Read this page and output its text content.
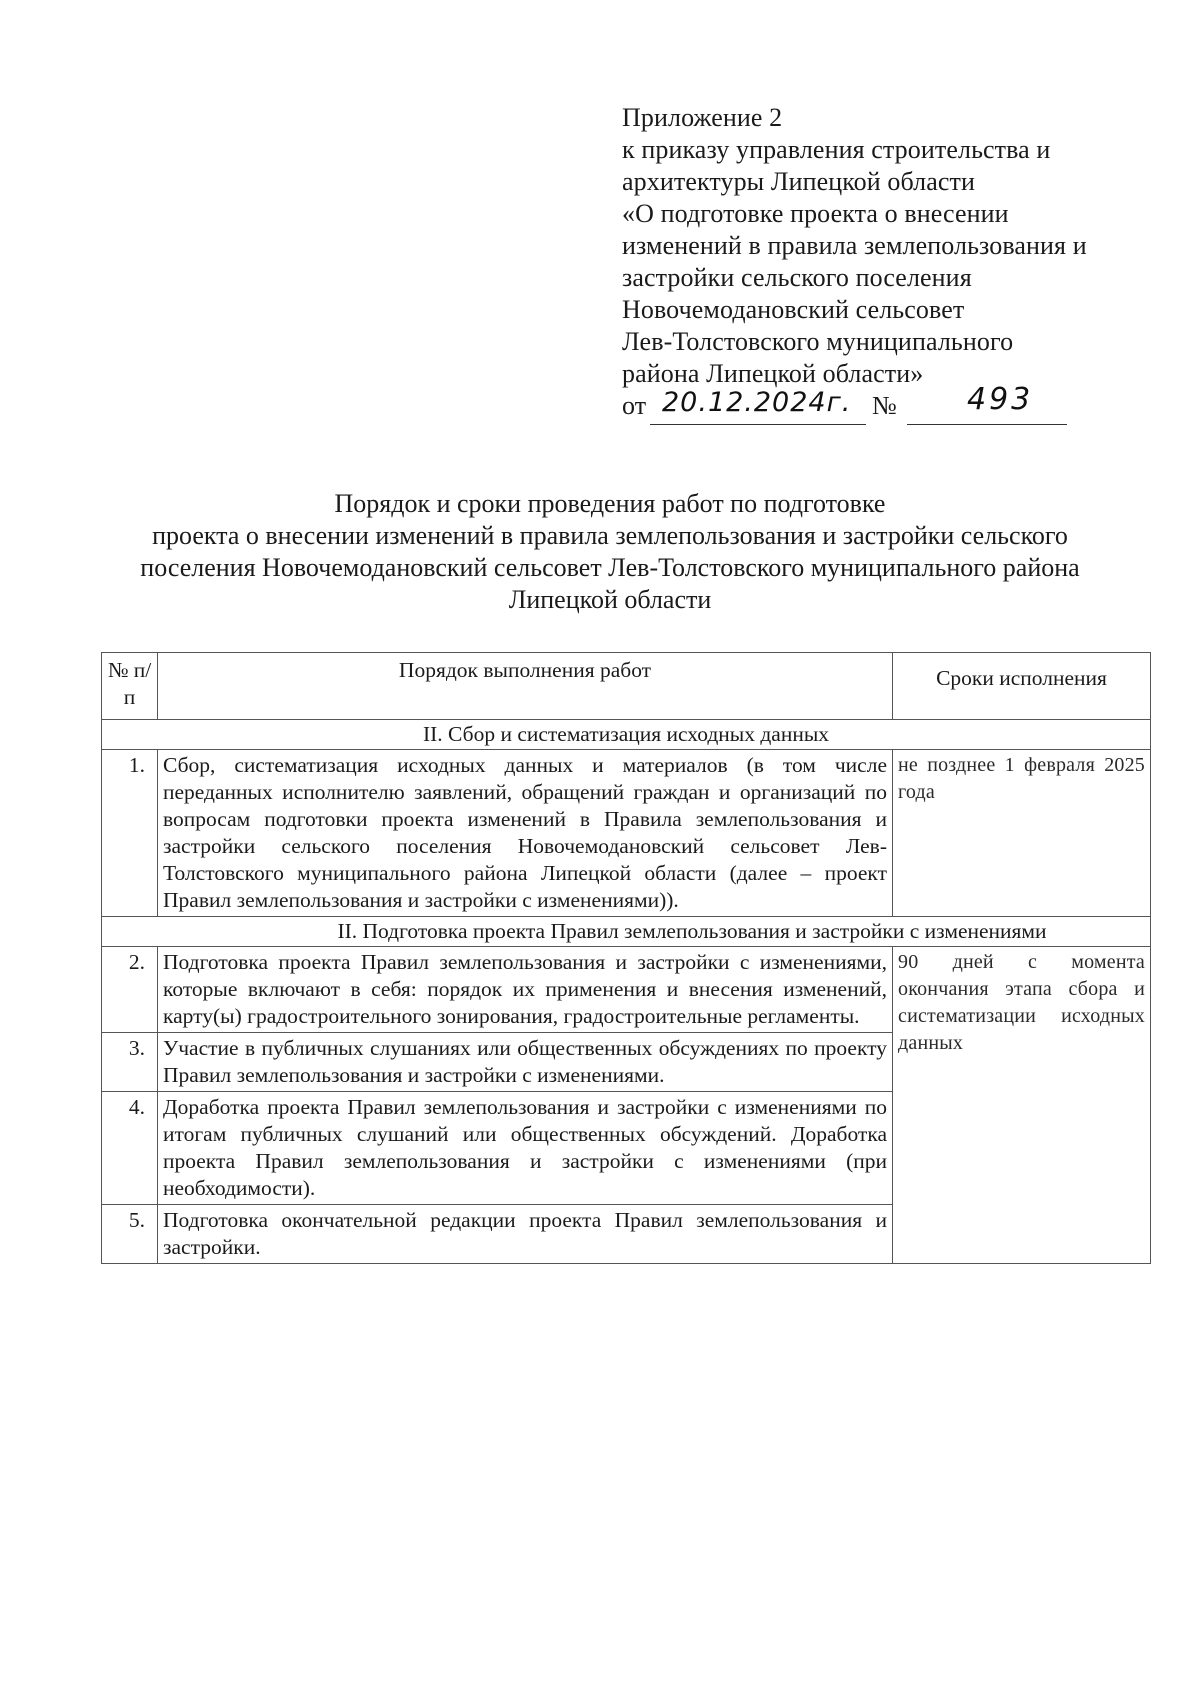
Приложение 2
к приказу управления строительства и
архитектуры Липецкой области
«О подготовке проекта о внесении
изменений в правила землепользования и
застройки сельского поселения
Новочемодановский сельсовет
Лев-Толстовского муниципального
района Липецкой области»
от 20.12.2024г. № 493
Порядок и сроки проведения работ по подготовке
проекта о внесении изменений в правила землепользования и застройки сельского
поселения Новочемодановский сельсовет Лев-Толстовского муниципального района
Липецкой области
№ п/п	Порядок выполнения работ	Сроки исполнения
II. Сбор и систематизация исходных данных		
1.	Сбор, систематизация исходных данных и материалов (в том числе переданных исполнителю заявлений, обращений граждан и организаций по вопросам подготовки проекта изменений в Правила землепользования и застройки сельского поселения Новочемодановский сельсовет Лев-Толстовского муниципального района Липецкой области (далее – проект Правил землепользования и застройки с изменениями)).	не позднее 1 февраля 2025 года
II. Подготовка проекта Правил землепользования и застройки с изменениями		
2.	Подготовка проекта Правил землепользования и застройки с изменениями, которые включают в себя: порядок их применения и внесения изменений, карту(ы) градостроительного зонирования, градостроительные регламенты.	90 дней с момента окончания этапа сбора и систематизации исходных данных
3.	Участие в публичных слушаниях или общественных обсуждениях по проекту Правил землепользования и застройки с изменениями.	
4.	Доработка проекта Правил землепользования и застройки с изменениями по итогам публичных слушаний или общественных обсуждений. Доработка проекта Правил землепользования и застройки с изменениями (при необходимости).	
5.	Подготовка окончательной редакции проекта Правил землепользования и застройки.	
